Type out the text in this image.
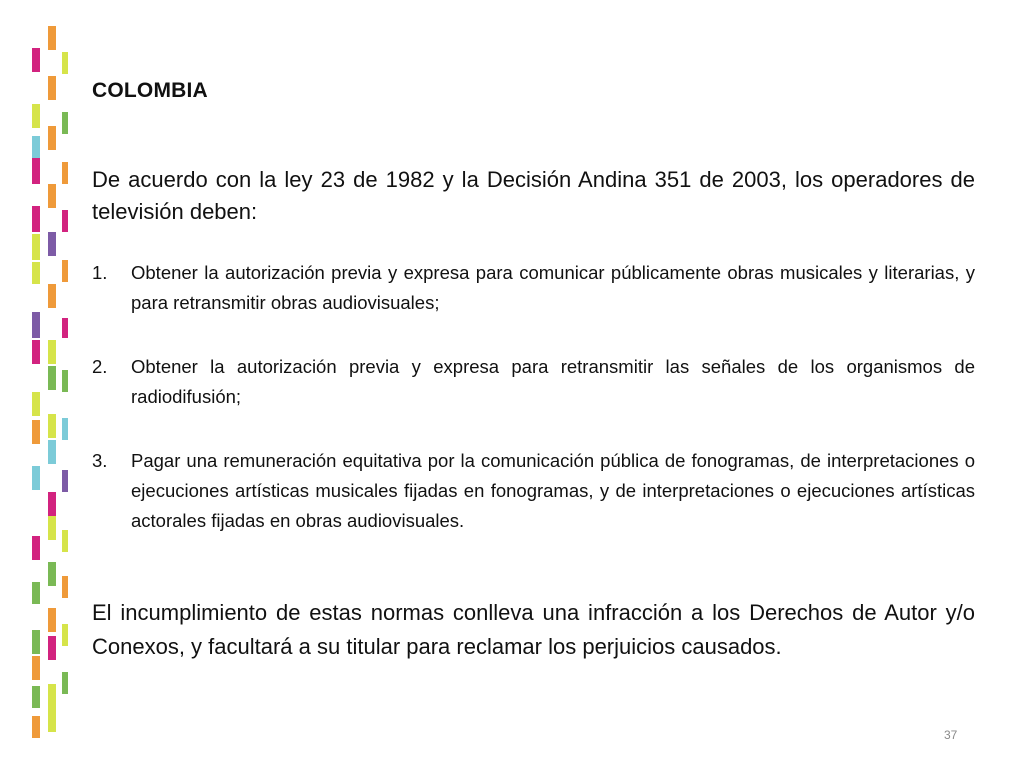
COLOMBIA
De acuerdo con la ley 23 de 1982 y la Decisión Andina 351 de 2003, los operadores de televisión deben:
1. Obtener la autorización previa y expresa para comunicar públicamente obras musicales y literarias, y para retransmitir obras audiovisuales;
2. Obtener la autorización previa y expresa para retransmitir las señales de los organismos de radiodifusión;
3. Pagar una remuneración equitativa por la comunicación pública de fonogramas, de interpretaciones o ejecuciones artísticas musicales fijadas en fonogramas, y de interpretaciones o ejecuciones artísticas actorales fijadas en obras audiovisuales.
El incumplimiento de estas normas conlleva una infracción a los Derechos de Autor y/o Conexos, y facultará a su titular para reclamar los perjuicios causados.
37
